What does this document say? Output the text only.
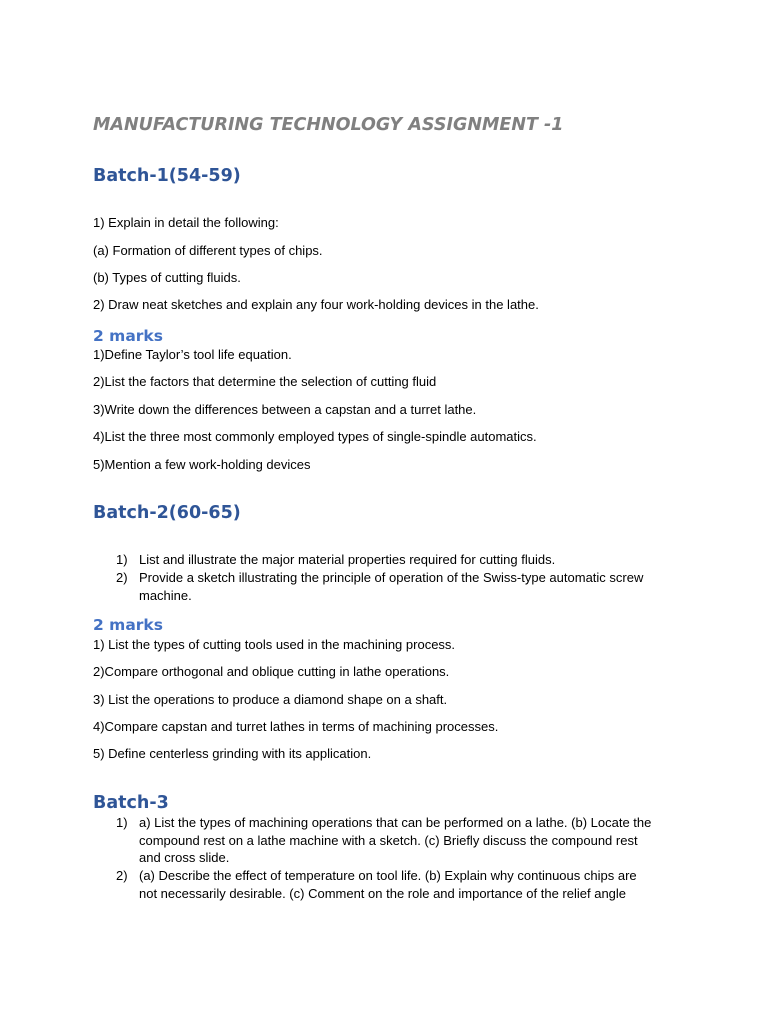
MANUFACTURING TECHNOLOGY ASSIGNMENT -1
Batch-1(54-59)

1) Explain in detail the following:

(a) Formation of different types of chips.

(b) Types of cutting fluids.

2) Draw neat sketches and explain any four work-holding devices in the lathe.

2 marks

1)Define Taylor’s tool life equation.

2)List the factors that determine the selection of cutting fluid

3)Write down the differences between a capstan and a turret lathe.

4)List the three most commonly employed types of single-spindle automatics.

5)Mention a few work-holding devices

Batch-2(60-65)
1) List and illustrate the major material properties required for cutting fluids.
2) Provide a sketch illustrating the principle of operation of the Swiss-type automatic screw machine.
2 marks

1) List the types of cutting tools used in the machining process.

2)Compare orthogonal and oblique cutting in lathe operations.

3) List the operations to produce a diamond shape on a shaft.

4)Compare capstan and turret lathes in terms of machining processes.

5) Define centerless grinding with its application.

Batch-3
1) a) List the types of machining operations that can be performed on a lathe. (b) Locate the compound rest on a lathe machine with a sketch. (c) Briefly discuss the compound rest and cross slide.
2) (a) Describe the effect of temperature on tool life. (b) Explain why continuous chips are not necessarily desirable. (c) Comment on the role and importance of the relief angle
